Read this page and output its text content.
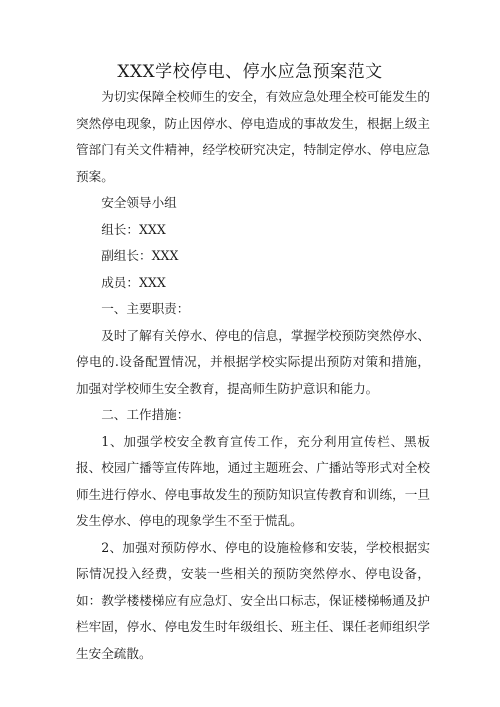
XXX学校停电、停水应急预案范文

为切实保障全校师生的安全，有效应急处理全校可能发生的突然停电现象，防止因停水、停电造成的事故发生，根据上级主管部门有关文件精神，经学校研究决定，特制定停水、停电应急预案。

安全领导小组

组长：XXX

副组长：XXX

成员：XXX

一、主要职责：

及时了解有关停水、停电的信息，掌握学校预防突然停水、停电的.设备配置情况，并根据学校实际提出预防对策和措施，加强对学校师生安全教育，提高师生防护意识和能力。

二、工作措施：

1、加强学校安全教育宣传工作，充分利用宣传栏、黑板报、校园广播等宣传阵地，通过主题班会、广播站等形式对全校师生进行停水、停电事故发生的预防知识宣传教育和训练，一旦发生停水、停电的现象学生不至于慌乱。

2、加强对预防停水、停电的设施检修和安装，学校根据实际情况投入经费，安装一些相关的预防突然停水、停电设备，如：教学楼楼梯应有应急灯、安全出口标志，保证楼梯畅通及护栏牢固，停水、停电发生时年级组长、班主任、课任老师组织学生安全疏散。
